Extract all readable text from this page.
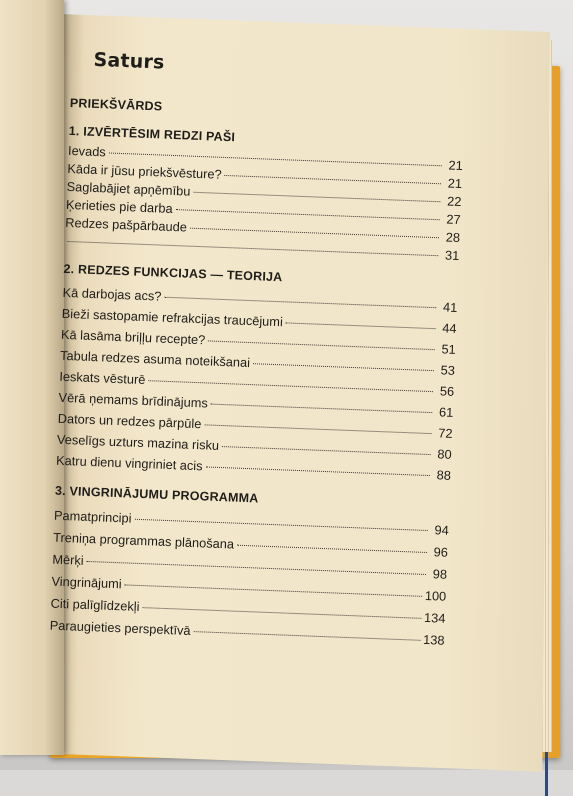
Saturs
PRIEKŠVĀRDS
1. IZVĒRTĒSIM REDZI PAŠI
Ievads
21
Kāda ir jūsu priekšvēsture?
21
Saglabājiet apņēmību
22
Ķerieties pie darba
27
Redzes pašpārbaude
28
31
2. REDZES FUNKCIJAS — TEORIJA
Kā darbojas acs?
41
Bieži sastopamie refrakcijas traucējumi	44
Kā lasāma briļļu recepte?
51
Tabula redzes asuma noteikšanai
53
Ieskats vēsturē
56
Vērā ņemams brīdinājums
61
Dators un redzes pārpūle
72
Veselīgs uzturs mazina risku
80
Katru dienu vingriniet acis
88
3. VINGRINĀJUMU PROGRAMMA
Pamatprincipi
94
Treniņa programmas plānošana
96
Mērķi
98
Vingrinājumi
100
Citi palīglīdzekļi
134
Paraugieties perspektīvā
138
